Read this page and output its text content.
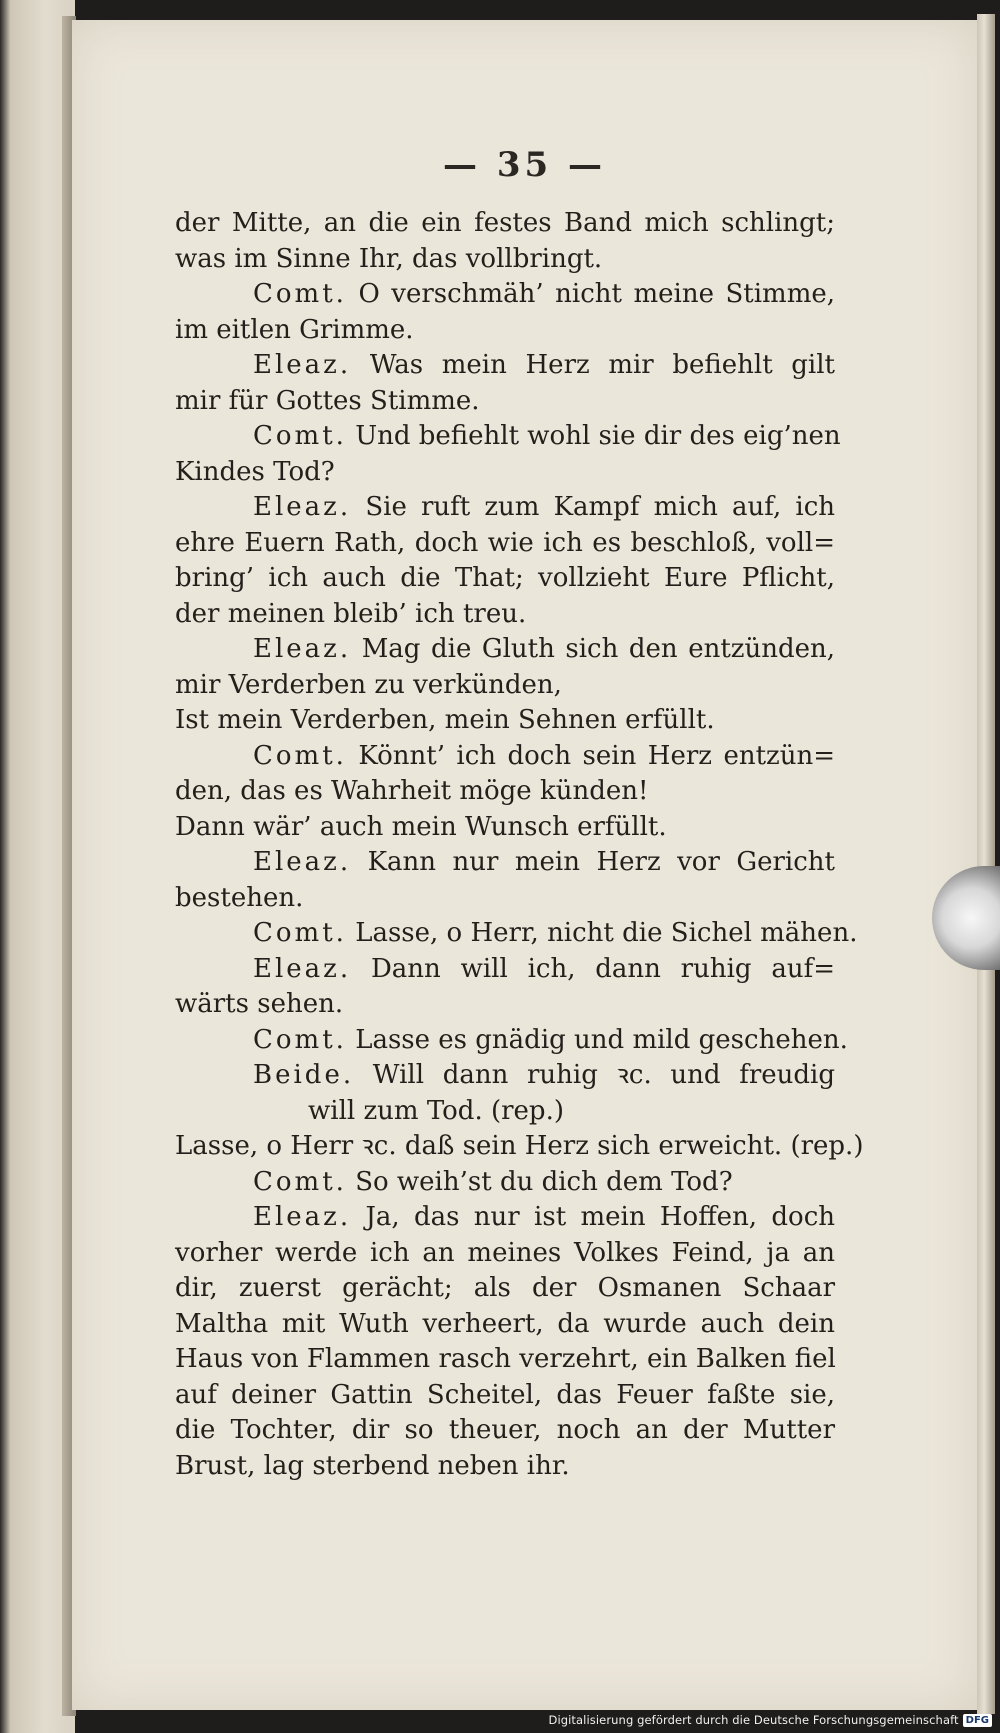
— 35 —
der Mitte, an die ein festes Band mich schlingt;
was im Sinne Ihr, das vollbringt.
Comt. O verschmäh’ nicht meine Stimme,
im eitlen Grimme.
Eleaz. Was mein Herz mir befiehlt gilt
mir für Gottes Stimme.
Comt. Und befiehlt wohl sie dir des eig’nen
Kindes Tod?
Eleaz. Sie ruft zum Kampf mich auf, ich
ehre Euern Rath, doch wie ich es beschloß, voll=
bring’ ich auch die That; vollzieht Eure Pflicht,
der meinen bleib’ ich treu.
Eleaz. Mag die Gluth sich den entzünden,
mir Verderben zu verkünden,
Ist mein Verderben, mein Sehnen erfüllt.
Comt. Könnt’ ich doch sein Herz entzün=
den, das es Wahrheit möge künden!
Dann wär’ auch mein Wunsch erfüllt.
Eleaz. Kann nur mein Herz vor Gericht
bestehen.
Comt. Lasse, o Herr, nicht die Sichel mähen.
Eleaz. Dann will ich, dann ruhig auf=
wärts sehen.
Comt. Lasse es gnädig und mild geschehen.
Beide. Will dann ruhig ꝛc. und freudig
will zum Tod. (rep.)
Lasse, o Herr ꝛc. daß sein Herz sich erweicht. (rep.)
Comt. So weih’st du dich dem Tod?
Eleaz. Ja, das nur ist mein Hoffen, doch
vorher werde ich an meines Volkes Feind, ja an
dir, zuerst gerächt; als der Osmanen Schaar
Maltha mit Wuth verheert, da wurde auch dein
Haus von Flammen rasch verzehrt, ein Balken fiel
auf deiner Gattin Scheitel, das Feuer faßte sie,
die Tochter, dir so theuer, noch an der Mutter
Brust, lag sterbend neben ihr.
Digitalisierung gefördert durch die Deutsche Forschungsgemeinschaft DFG
